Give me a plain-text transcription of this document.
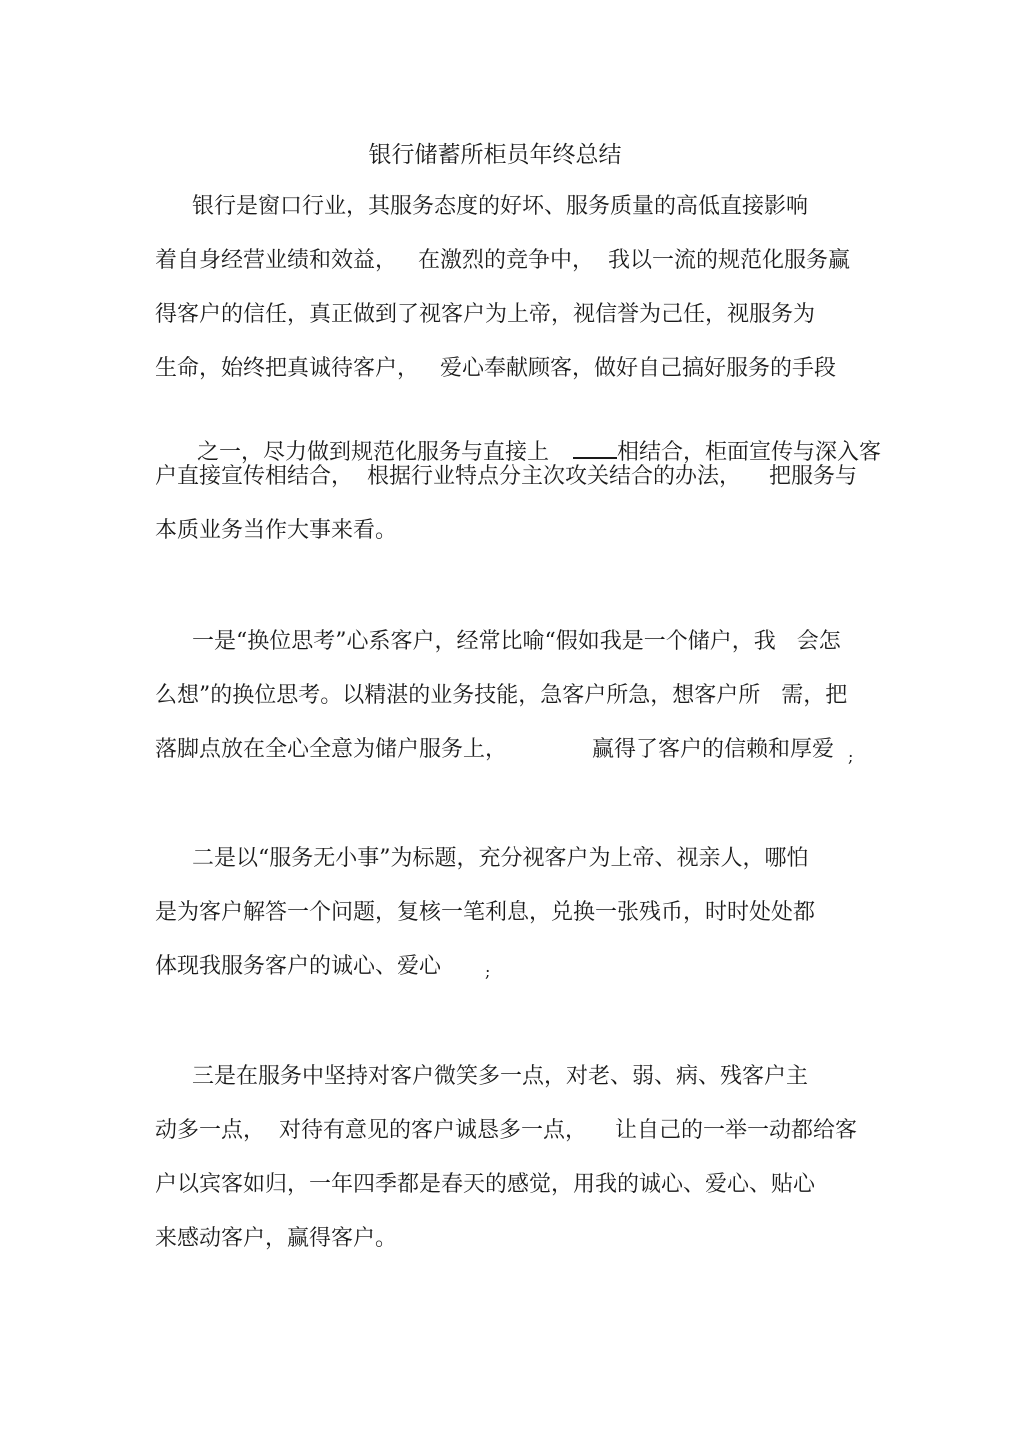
银行储蓄所柜员年终总结
银行是窗口行业，其服务态度的好坏、服务质量的高低直接影响
着自身经营业绩和效益，   在激烈的竞争中，  我以一流的规范化服务赢
得客户的信任，真正做到了视客户为上帝，视信誉为己任，视服务为
生命，始终把真诚待客户，   爱心奉献顾客，做好自己搞好服务的手段

之一，尽力做到规范化服务与直接上	相结合，柜面宣传与深入客

户直接宣传相结合，  根据行业特点分主次攻关结合的办法，    把服务与
本质业务当作大事来看。
一是“换位思考”心系客户，经常比喻“假如我是一个储户，我   会怎
么想”的换位思考。以精湛的业务技能，急客户所急，想客户所   需，把
落脚点放在全心全意为储户服务上，	赢得了客户的信赖和厚爱 $_;$
二是以“服务无小事”为标题，充分视客户为上帝、视亲人，哪怕
是为客户解答一个问题，复核一笔利息，兑换一张残币，时时处处都
体现我服务客户的诚心、爱心	;
三是在服务中坚持对客户微笑多一点，对老、弱、病、残客户主
动多一点，  对待有意见的客户诚恳多一点，    让自己的一举一动都给客
户以宾客如归，一年四季都是春天的感觉，用我的诚心、爱心、贴心
来感动客户，赢得客户。
